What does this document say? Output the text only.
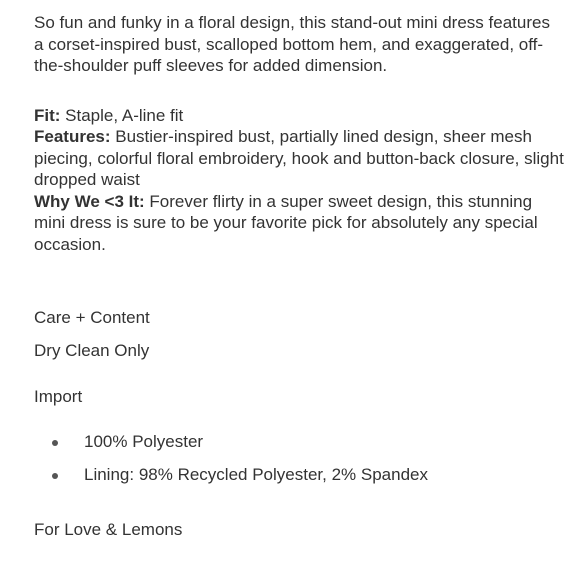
So fun and funky in a floral design, this stand-out mini dress features a corset-inspired bust, scalloped bottom hem, and exaggerated, off-the-shoulder puff sleeves for added dimension.

Fit: Staple, A-line fit

Features: Bustier-inspired bust, partially lined design, sheer mesh piecing, colorful floral embroidery, hook and button-back closure, slight dropped waist

Why We <3 It: Forever flirty in a super sweet design, this stunning mini dress is sure to be your favorite pick for absolutely any special occasion.

Care + Content
Dry Clean Only
Import
100% Polyester
Lining: 98% Recycled Polyester, 2% Spandex
For Love & Lemons
